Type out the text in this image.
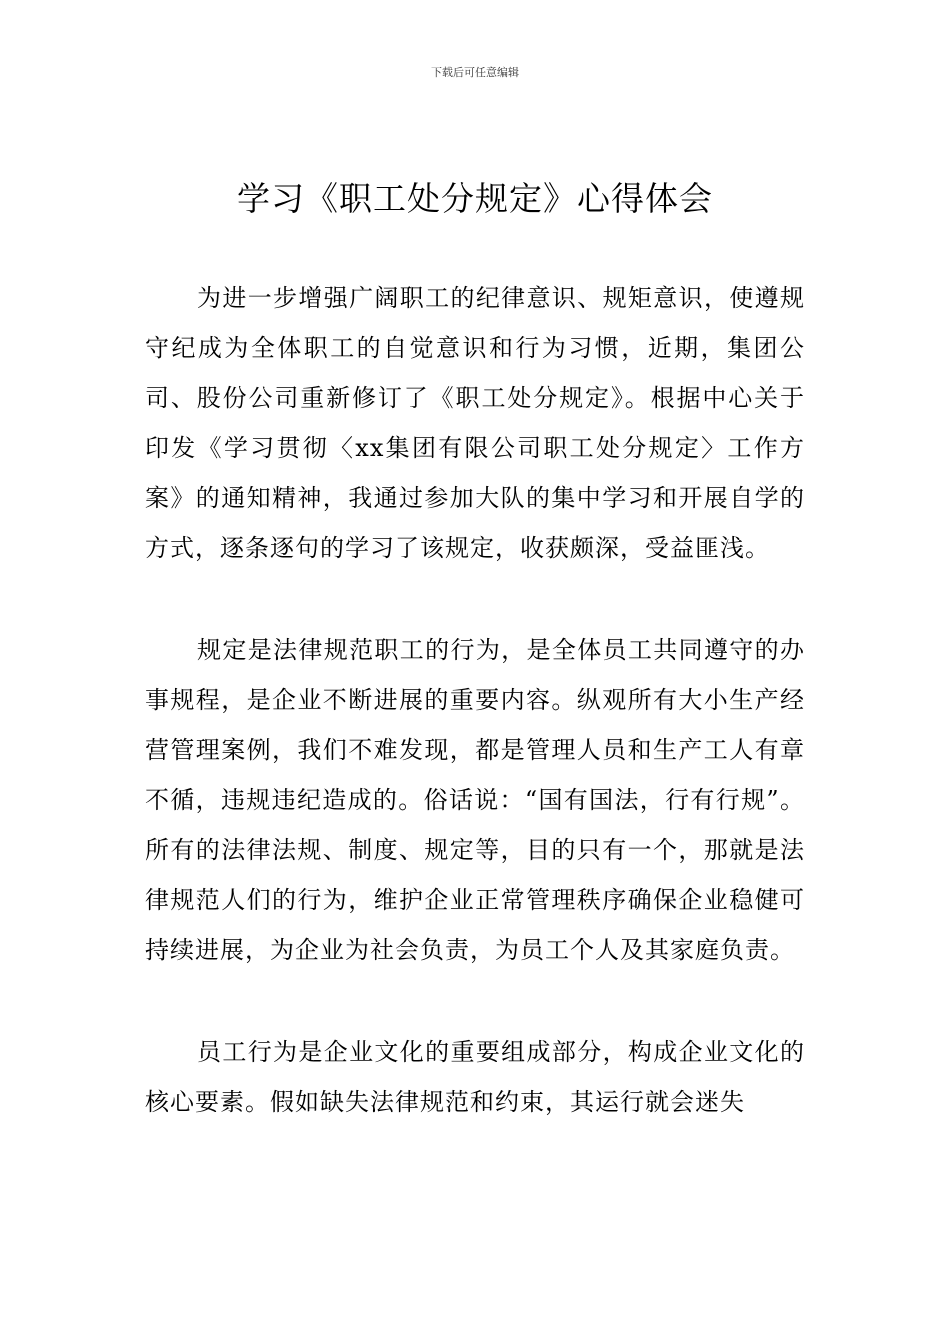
下载后可任意编辑
学习《职工处分规定》心得体会

为进一步增强广阔职工的纪律意识、规矩意识，使遵规守纪成为全体职工的自觉意识和行为习惯，近期，集团公司、股份公司重新修订了《职工处分规定》。根据中心关于印发《学习贯彻〈xx集团有限公司职工处分规定〉工作方案》的通知精神，我通过参加大队的集中学习和开展自学的方式，逐条逐句的学习了该规定，收获颇深，受益匪浅。

规定是法律规范职工的行为，是全体员工共同遵守的办事规程，是企业不断进展的重要内容。纵观所有大小生产经营管理案例，我们不难发现，都是管理人员和生产工人有章不循，违规违纪造成的。俗话说：“国有国法，行有行规”。所有的法律法规、制度、规定等，目的只有一个，那就是法律规范人们的行为，维护企业正常管理秩序确保企业稳健可持续进展，为企业为社会负责，为员工个人及其家庭负责。

员工行为是企业文化的重要组成部分，构成企业文化的核心要素。假如缺失法律规范和约束，其运行就会迷失
